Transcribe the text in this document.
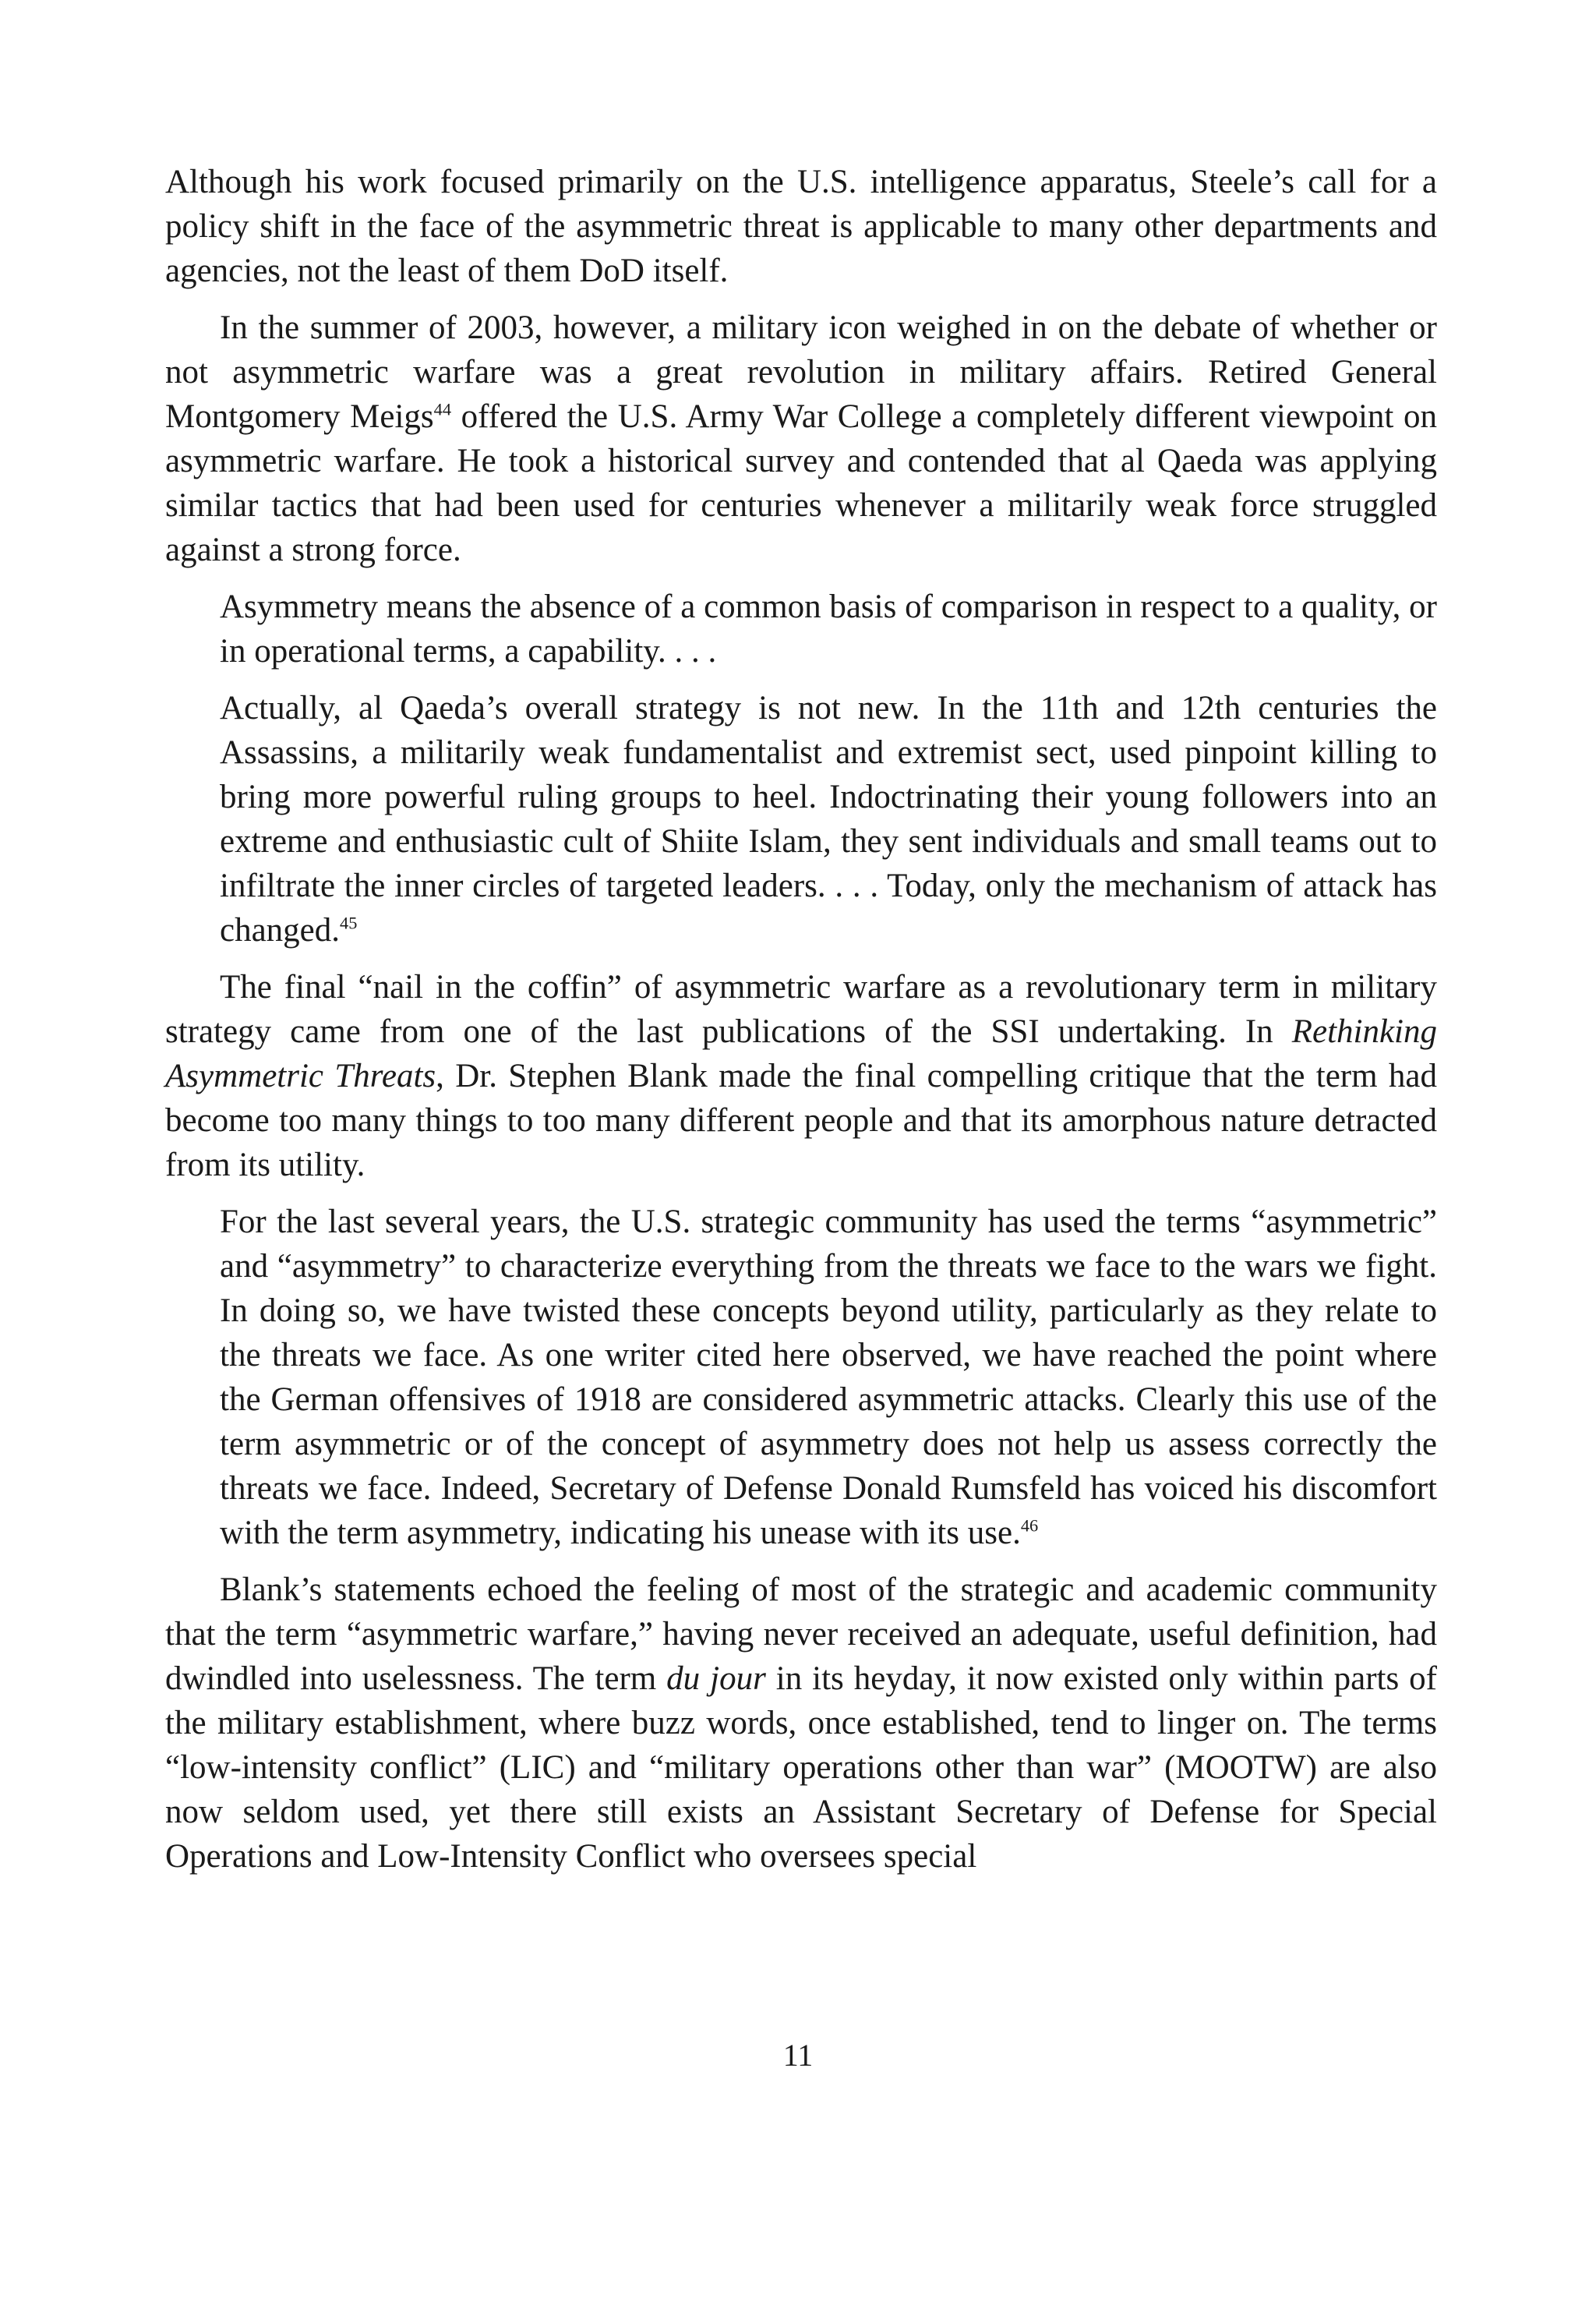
Although his work focused primarily on the U.S. intelligence apparatus, Steele’s call for a policy shift in the face of the asymmetric threat is applicable to many other departments and agencies, not the least of them DoD itself.

In the summer of 2003, however, a military icon weighed in on the debate of whether or not asymmetric warfare was a great revolution in military affairs. Retired General Montgomery Meigs$^{44}$ offered the U.S. Army War College a completely different viewpoint on asymmetric warfare. He took a historical survey and contended that al Qaeda was applying similar tactics that had been used for centuries whenever a militarily weak force struggled against a strong force.

Asymmetry means the absence of a common basis of comparison in respect to a quality, or in operational terms, a capability. . . .

Actually, al Qaeda’s overall strategy is not new. In the 11th and 12th centuries the Assassins, a militarily weak fundamentalist and extremist sect, used pinpoint killing to bring more powerful ruling groups to heel. Indoctrinating their young followers into an extreme and enthusiastic cult of Shiite Islam, they sent individuals and small teams out to infiltrate the inner circles of targeted leaders. . . . Today, only the mechanism of attack has changed.$^{45}$

The final “nail in the coffin” of asymmetric warfare as a revolutionary term in military strategy came from one of the last publications of the SSI undertaking. In Rethinking Asymmetric Threats, Dr. Stephen Blank made the final compelling critique that the term had become too many things to too many different people and that its amorphous nature detracted from its utility.

For the last several years, the U.S. strategic community has used the terms “asymmetric” and “asymmetry” to characterize everything from the threats we face to the wars we fight. In doing so, we have twisted these concepts beyond utility, particularly as they relate to the threats we face. As one writer cited here observed, we have reached the point where the German offensives of 1918 are considered asymmetric attacks. Clearly this use of the term asymmetric or of the concept of asymmetry does not help us assess correctly the threats we face. Indeed, Secretary of Defense Donald Rumsfeld has voiced his discomfort with the term asymmetry, indicating his unease with its use.$^{46}$

Blank’s statements echoed the feeling of most of the strategic and academic community that the term “asymmetric warfare,” having never received an adequate, useful definition, had dwindled into uselessness. The term du jour in its heyday, it now existed only within parts of the military establishment, where buzz words, once established, tend to linger on. The terms “low-intensity conflict” (LIC) and “military operations other than war” (MOOTW) are also now seldom used, yet there still exists an Assistant Secretary of Defense for Special Operations and Low-Intensity Conflict who oversees special

11
